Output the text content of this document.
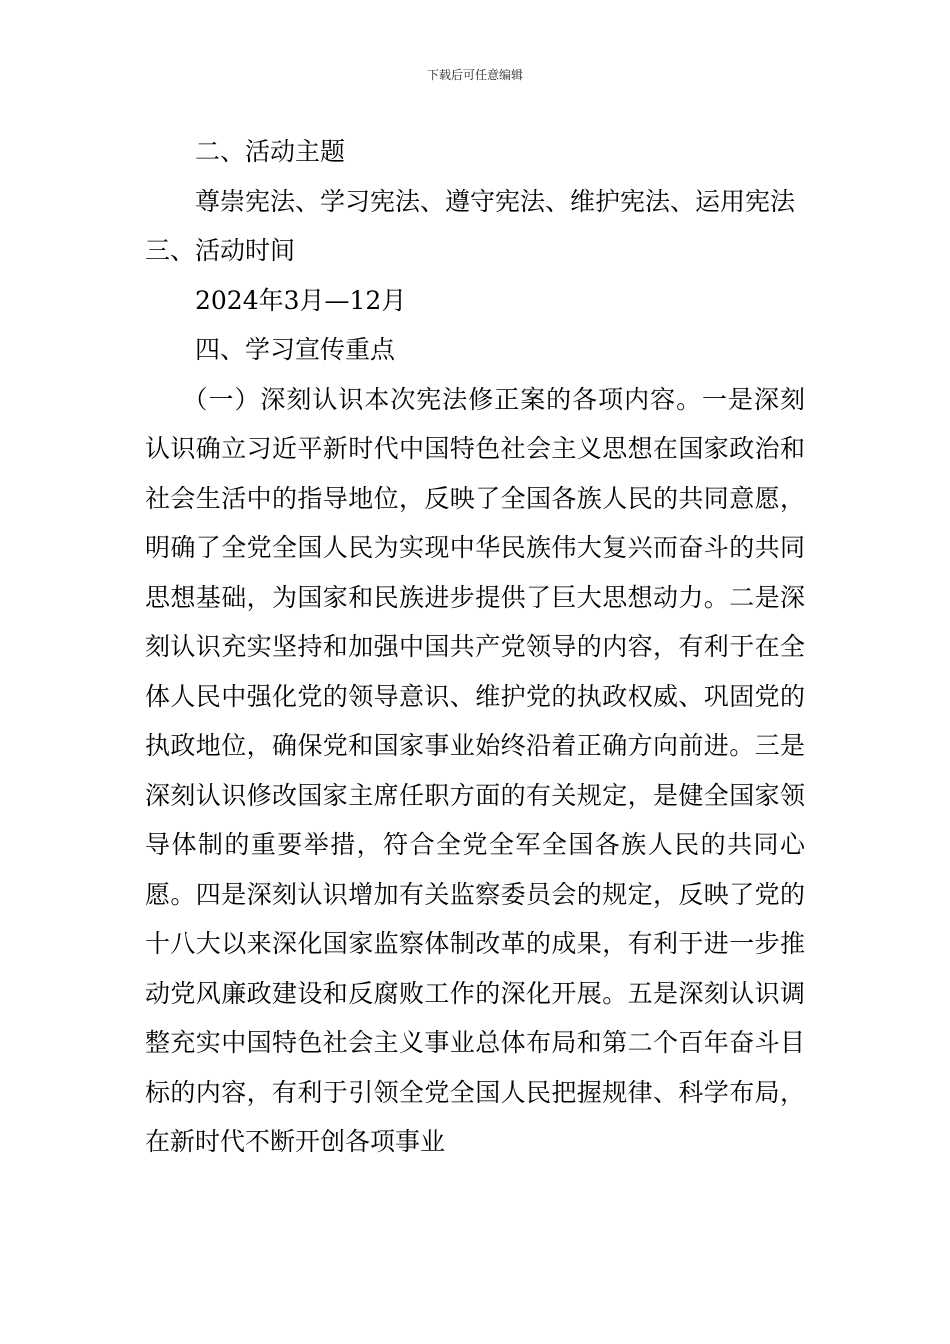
下载后可任意编辑

二、活动主题

尊崇宪法、学习宪法、遵守宪法、维护宪法、运用宪法

三、活动时间

2024年3月—12月

四、学习宣传重点

（一）深刻认识本次宪法修正案的各项内容。一是深刻认识确立习近平新时代中国特色社会主义思想在国家政治和社会生活中的指导地位，反映了全国各族人民的共同意愿，明确了全党全国人民为实现中华民族伟大复兴而奋斗的共同思想基础，为国家和民族进步提供了巨大思想动力。二是深刻认识充实坚持和加强中国共产党领导的内容，有利于在全体人民中强化党的领导意识、维护党的执政权威、巩固党的执政地位，确保党和国家事业始终沿着正确方向前进。三是深刻认识修改国家主席任职方面的有关规定，是健全国家领导体制的重要举措，符合全党全军全国各族人民的共同心愿。四是深刻认识增加有关监察委员会的规定，反映了党的十八大以来深化国家监察体制改革的成果，有利于进一步推动党风廉政建设和反腐败工作的深化开展。五是深刻认识调整充实中国特色社会主义事业总体布局和第二个百年奋斗目标的内容，有利于引领全党全国人民把握规律、科学布局，在新时代不断开创各项事业
